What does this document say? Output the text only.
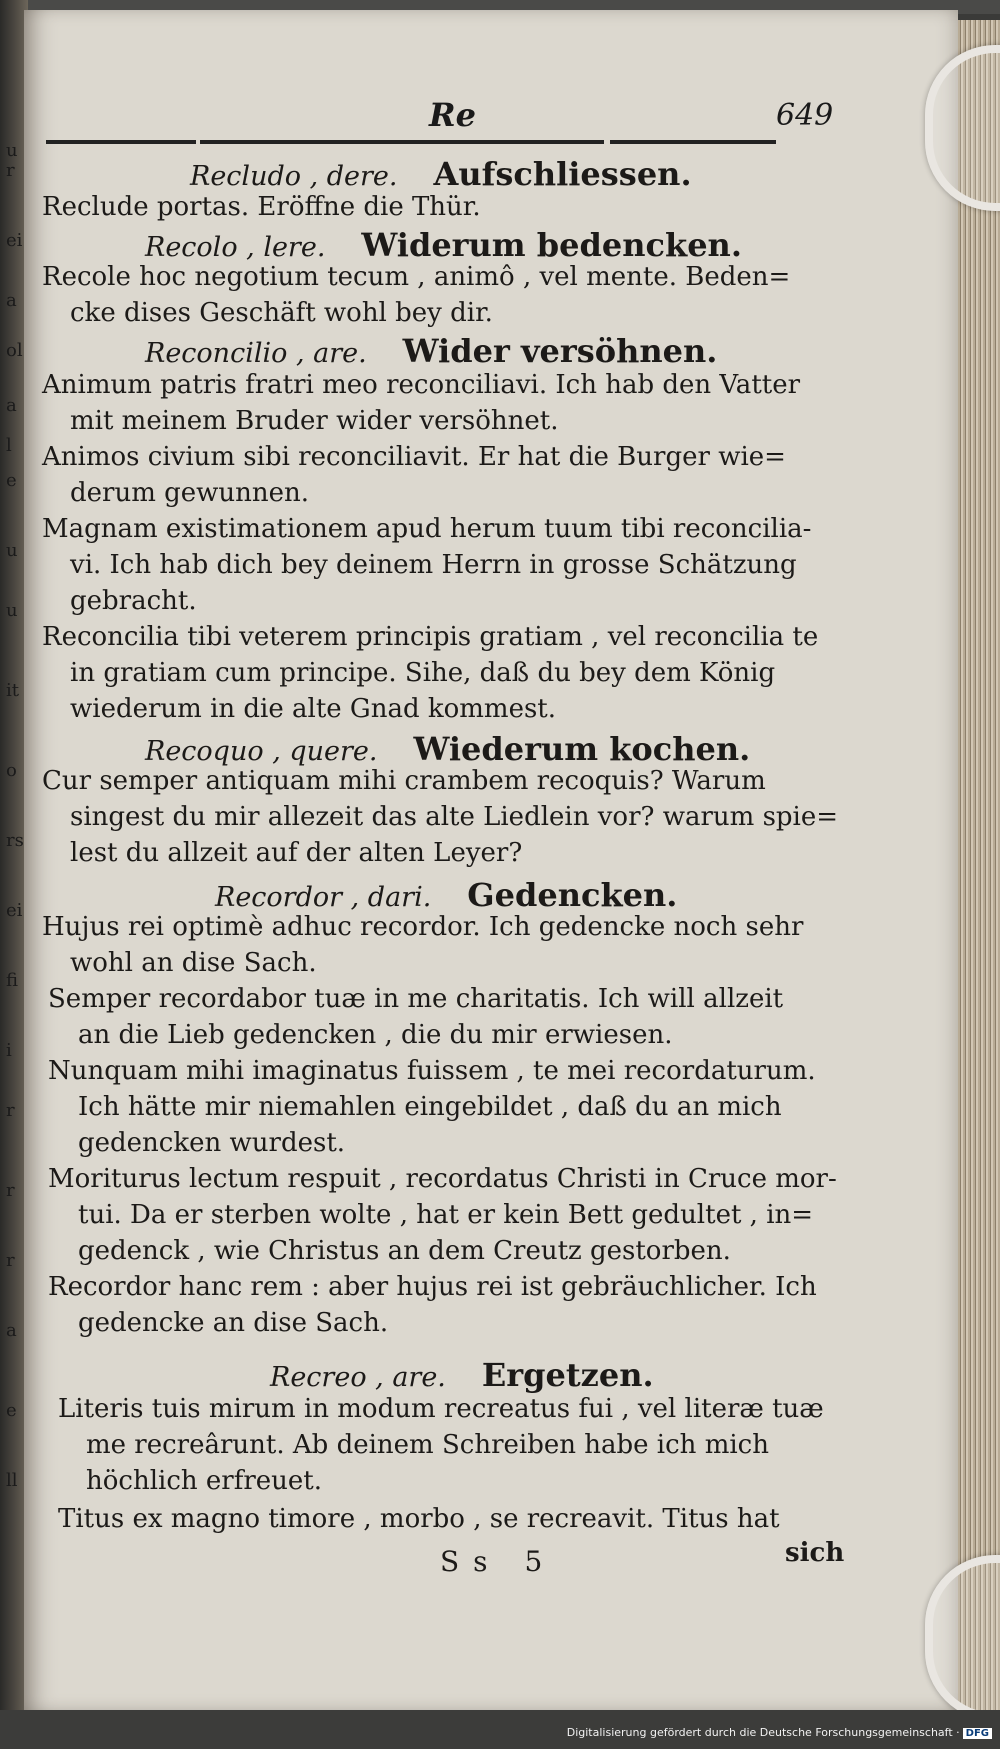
u
r
ei
a
ol
a
l
e
u
u
it
o
rs
ei
fi
i
r
r
r
a
e
ll
Re	649
Recludo , dere. Aufschliessen.
Reclude portas. Eröffne die Thür.
Recolo , lere. Widerum bedencken.
Recole hoc negotium tecum , animô , vel mente. Beden=
cke dises Geschäft wohl bey dir.
Reconcilio , are. Wider versöhnen.
Animum patris fratri meo reconciliavi. Ich hab den Vatter
mit meinem Bruder wider versöhnet.
Animos civium sibi reconciliavit. Er hat die Burger wie=
derum gewunnen.
Magnam existimationem apud herum tuum tibi reconcilia-
vi. Ich hab dich bey deinem Herrn in grosse Schätzung
gebracht.
Reconcilia tibi veterem principis gratiam , vel reconcilia te
in gratiam cum principe. Sihe, daß du bey dem König
wiederum in die alte Gnad kommest.
Recoquo , quere. Wiederum kochen.
Cur semper antiquam mihi crambem recoquis? Warum
singest du mir allezeit das alte Liedlein vor? warum spie=
lest du allzeit auf der alten Leyer?
Recordor , dari. Gedencken.
Hujus rei optimè adhuc recordor. Ich gedencke noch sehr
wohl an dise Sach.
Semper recordabor tuæ in me charitatis. Ich will allzeit
an die Lieb gedencken , die du mir erwiesen.
Nunquam mihi imaginatus fuissem , te mei recordaturum.
Ich hätte mir niemahlen eingebildet , daß du an mich
gedencken wurdest.
Moriturus lectum respuit , recordatus Christi in Cruce mor-
tui. Da er sterben wolte , hat er kein Bett gedultet , in=
gedenck , wie Christus an dem Creutz gestorben.
Recordor hanc rem : aber hujus rei ist gebräuchlicher. Ich
gedencke an dise Sach.
Recreo , are. Ergetzen.
Literis tuis mirum in modum recreatus fui , vel literæ tuæ
me recreârunt. Ab deinem Schreiben habe ich mich
höchlich erfreuet.
Titus ex magno timore , morbo , se recreavit. Titus hat
sich
Ss 5
Digitalisierung gefördert durch die Deutsche Forschungsgemeinschaft · DFG
